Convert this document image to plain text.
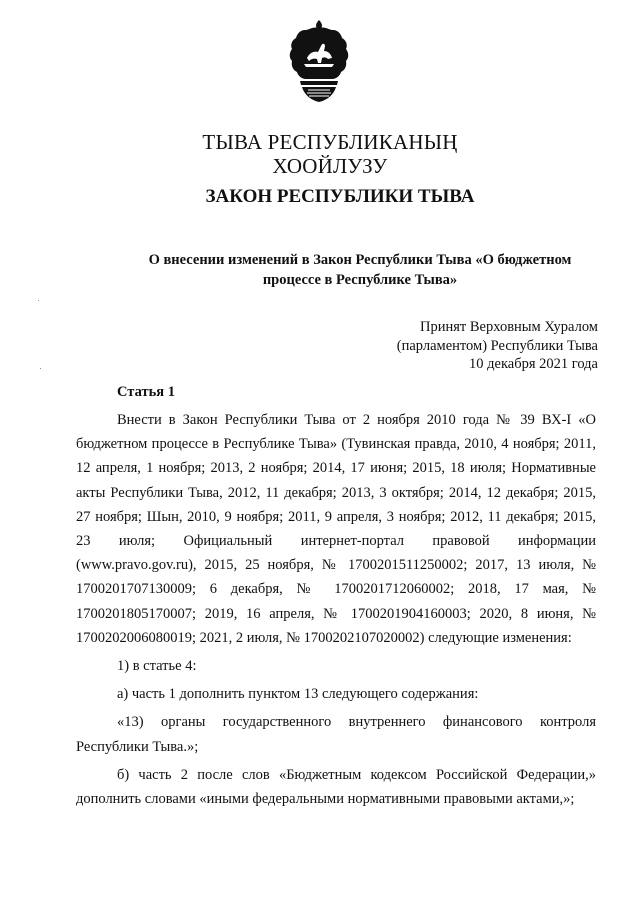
ТЫВА РЕСПУБЛИКАНЫҢ
ХООЙЛУЗУ
ЗАКОН РЕСПУБЛИКИ ТЫВА
О внесении изменений в Закон Республики Тыва «О бюджетном процессе в Республике Тыва»
Принят Верховным Хуралом
(парламентом) Республики Тыва
10 декабря 2021 года
Статья 1

Внести в Закон Республики Тыва от 2 ноября 2010 года № 39 ВХ-I «О бюджетном процессе в Республике Тыва» (Тувинская правда, 2010, 4 ноября; 2011, 12 апреля, 1 ноября; 2013, 2 ноября; 2014, 17 июня; 2015, 18 июля; Нормативные акты Республики Тыва, 2012, 11 декабря; 2013, 3 октября; 2014, 12 декабря; 2015, 27 ноября; Шын, 2010, 9 ноября; 2011, 9 апреля, 3 ноября; 2012, 11 декабря; 2015, 23 июля; Официальный интернет-портал правовой информации (www.pravo.gov.ru), 2015, 25 ноября, № 1700201511250002; 2017, 13 июля, № 1700201707130009; 6 декабря, № 1700201712060002; 2018, 17 мая, № 1700201805170007; 2019, 16 апреля, № 1700201904160003; 2020, 8 июня, № 1700202006080019; 2021, 2 июля, № 1700202107020002) следующие изменения:

1) в статье 4:

а) часть 1 дополнить пунктом 13 следующего содержания:

«13) органы государственного внутреннего финансового контроля Республики Тыва.»;

б) часть 2 после слов «Бюджетным кодексом Российской Федерации,» дополнить словами «иными федеральными нормативными правовыми актами,»;
